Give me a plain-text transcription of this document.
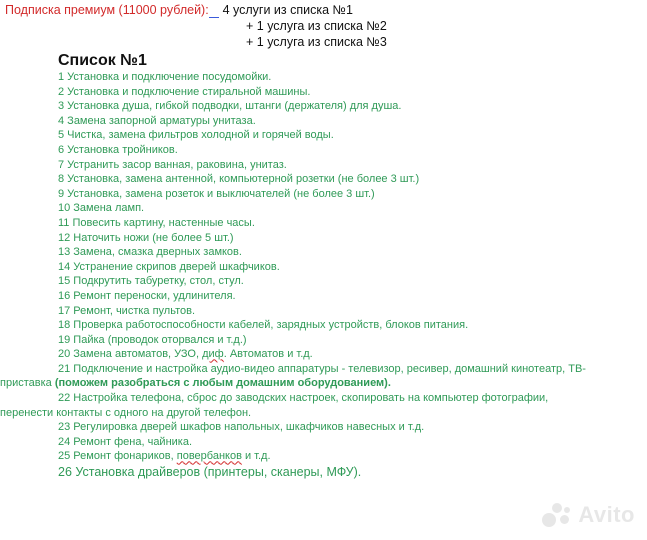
Подписка премиум (11000 рублей): 4 услуги из списка №1
+ 1 услуга из списка №2
+ 1 услуга из списка №3
Список №1
1 Установка и подключение посудомойки.
2 Установка и подключение стиральной машины.
3 Установка душа, гибкой подводки, штанги (держателя) для душа.
4 Замена запорной арматуры унитаза.
5 Чистка, замена фильтров холодной и горячей воды.
6 Установка тройников.
7 Устранить засор ванная, раковина, унитаз.
8 Установка, замена антенной, компьютерной розетки (не более 3 шт.)
9 Установка, замена розеток и выключателей (не более 3 шт.)
10 Замена ламп.
11 Повесить картину, настенные часы.
12 Наточить ножи (не более 5 шт.)
13 Замена, смазка дверных замков.
14 Устранение скрипов дверей шкафчиков.
15 Подкрутить табуретку, стол, стул.
16 Ремонт переноски, удлинителя.
17 Ремонт, чистка пультов.
18 Проверка работоспособности кабелей, зарядных устройств, блоков питания.
19 Пайка (проводок оторвался и т.д.)
20 Замена автоматов, УЗО, диф. Автоматов и т.д.
21 Подключение и настройка аудио-видео аппаратуры - телевизор, ресивер, домашний кинотеатр, ТВ-
приставка (поможем разобраться с любым домашним оборудованием).
22 Настройка телефона, сброс до заводских настроек, скопировать на компьютер фотографии,
перенести контакты с одного на другой телефон.
23 Регулировка дверей шкафов напольных, шкафчиков навесных и т.д.
24 Ремонт фена, чайника.
25 Ремонт фонариков, повербанков и т.д.
26 Установка драйверов (принтеры, сканеры, МФУ).
Avito
